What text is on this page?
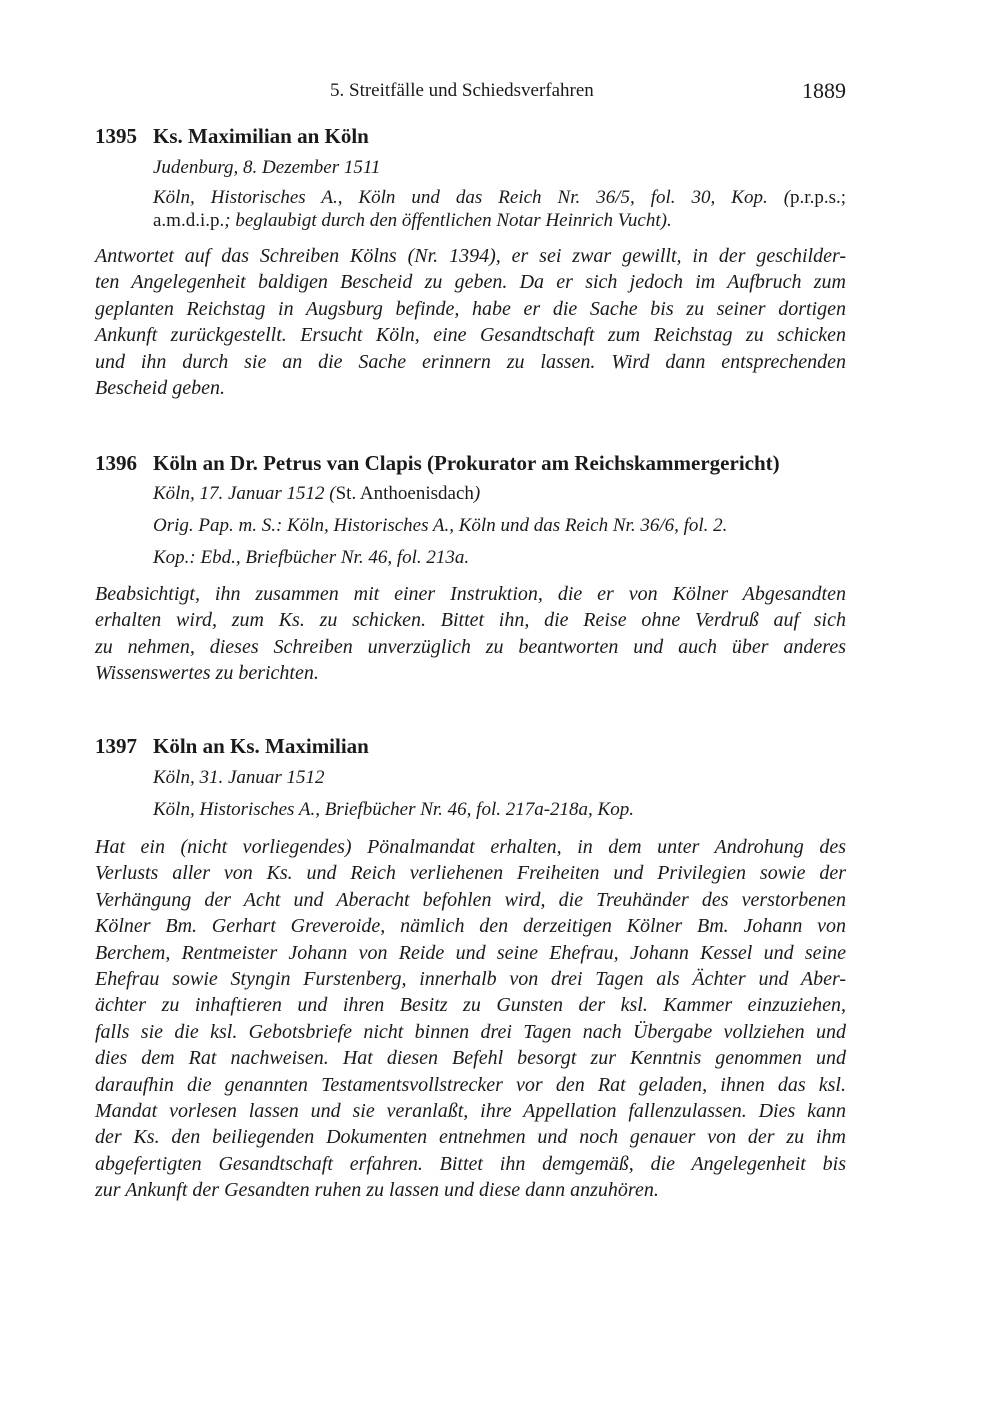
5. Streitfälle und Schiedsverfahren	1889
1395 Ks. Maximilian an Köln
Judenburg, 8. Dezember 1511
Köln, Historisches A., Köln und das Reich Nr. 36/5, fol. 30, Kop. (p.r.p.s.;
a.m.d.i.p.; beglaubigt durch den öffentlichen Notar Heinrich Vucht).
Antwortet auf das Schreiben Kölns (Nr. 1394), er sei zwar gewillt, in der geschilder-
ten Angelegenheit baldigen Bescheid zu geben. Da er sich jedoch im Aufbruch zum
geplanten Reichstag in Augsburg befinde, habe er die Sache bis zu seiner dortigen
Ankunft zurückgestellt. Ersucht Köln, eine Gesandtschaft zum Reichstag zu schicken
und ihn durch sie an die Sache erinnern zu lassen. Wird dann entsprechenden
Bescheid geben.
1396 Köln an Dr. Petrus van Clapis (Prokurator am Reichskammergericht)
Köln, 17. Januar 1512 (St. Anthoenisdach)
Orig. Pap. m. S.: Köln, Historisches A., Köln und das Reich Nr. 36/6, fol. 2.
Kop.: Ebd., Briefbücher Nr. 46, fol. 213a.
Beabsichtigt, ihn zusammen mit einer Instruktion, die er von Kölner Abgesandten
erhalten wird, zum Ks. zu schicken. Bittet ihn, die Reise ohne Verdruß auf sich
zu nehmen, dieses Schreiben unverzüglich zu beantworten und auch über anderes
Wissenswertes zu berichten.
1397 Köln an Ks. Maximilian
Köln, 31. Januar 1512
Köln, Historisches A., Briefbücher Nr. 46, fol. 217a-218a, Kop.
Hat ein (nicht vorliegendes) Pönalmandat erhalten, in dem unter Androhung des
Verlusts aller von Ks. und Reich verliehenen Freiheiten und Privilegien sowie der
Verhängung der Acht und Aberacht befohlen wird, die Treuhänder des verstorbenen
Kölner Bm. Gerhart Greveroide, nämlich den derzeitigen Kölner Bm. Johann von
Berchem, Rentmeister Johann von Reide und seine Ehefrau, Johann Kessel und seine
Ehefrau sowie Styngin Furstenberg, innerhalb von drei Tagen als Ächter und Aber-
ächter zu inhaftieren und ihren Besitz zu Gunsten der ksl. Kammer einzuziehen,
falls sie die ksl. Gebotsbriefe nicht binnen drei Tagen nach Übergabe vollziehen und
dies dem Rat nachweisen. Hat diesen Befehl besorgt zur Kenntnis genommen und
daraufhin die genannten Testamentsvollstrecker vor den Rat geladen, ihnen das ksl.
Mandat vorlesen lassen und sie veranlaßt, ihre Appellation fallenzulassen. Dies kann
der Ks. den beiliegenden Dokumenten entnehmen und noch genauer von der zu ihm
abgefertigten Gesandtschaft erfahren. Bittet ihn demgemäß, die Angelegenheit bis
zur Ankunft der Gesandten ruhen zu lassen und diese dann anzuhören.
